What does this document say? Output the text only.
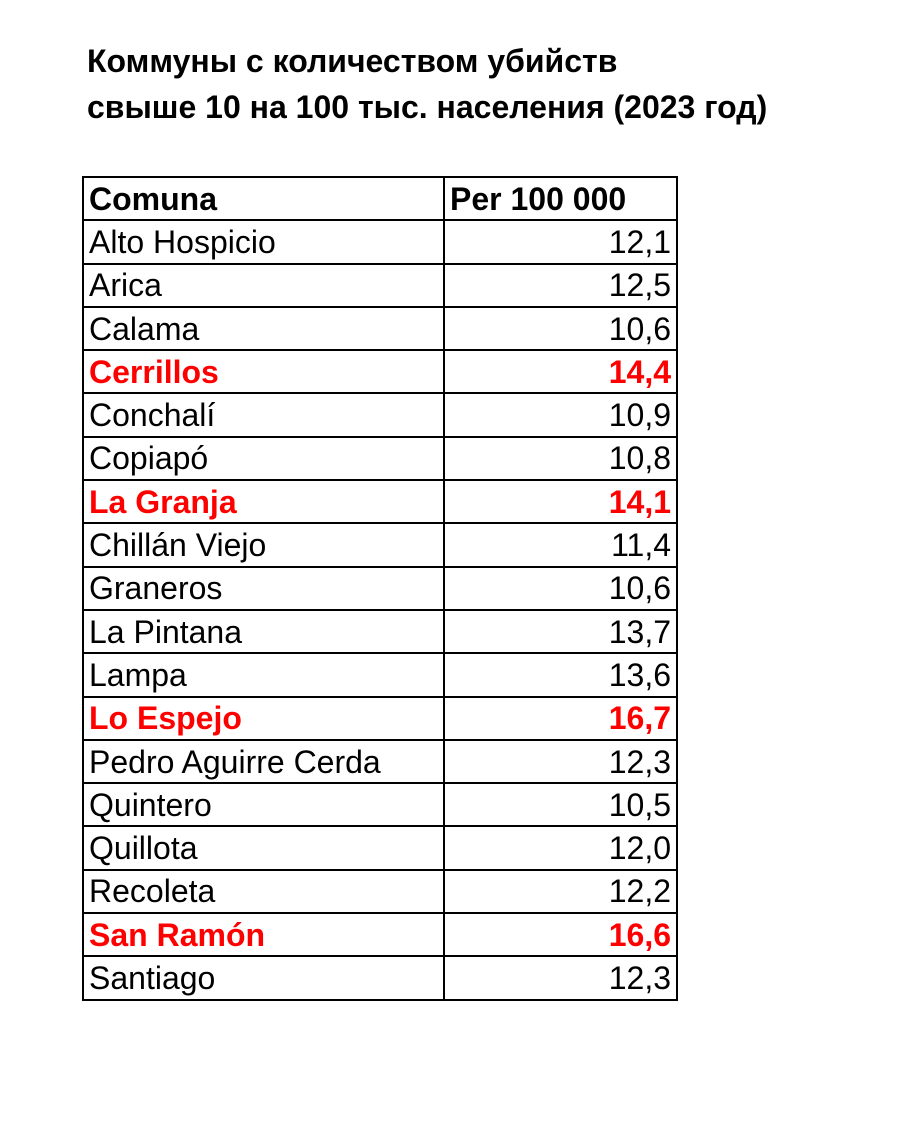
Коммуны с количеством убийств
свыше 10 на 100 тыс. населения (2023 год)
Comuna	Per 100 000
Alto Hospicio	12,1
Arica	12,5
Calama	10,6
Cerrillos	14,4
Conchalí	10,9
Copiapó	10,8
La Granja	14,1
Chillán Viejo	11,4
Graneros	10,6
La Pintana	13,7
Lampa	13,6
Lo Espejo	16,7
Pedro Aguirre Cerda	12,3
Quintero	10,5
Quillota	12,0
Recoleta	12,2
San Ramón	16,6
Santiago	12,3
